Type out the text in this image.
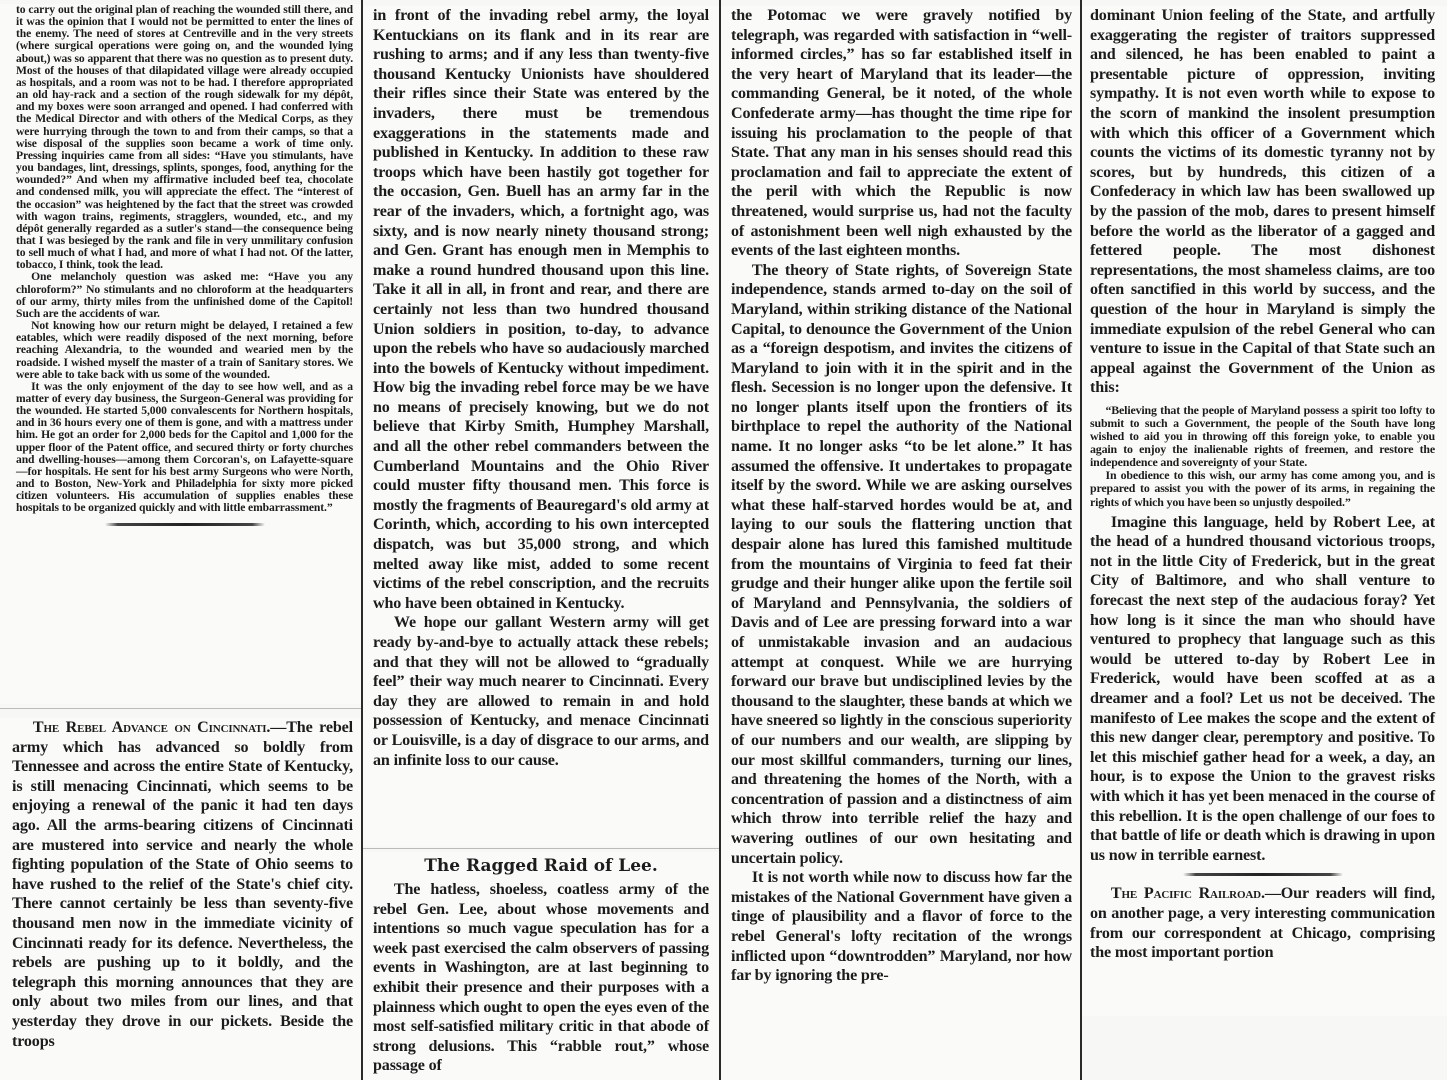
to carry out the original plan of reaching the wounded still there, and it was the opinion that I would not be permitted to enter the lines of the enemy. The need of stores at Centreville and in the very streets (where surgical operations were going on, and the wounded lying about,) was so apparent that there was no question as to present duty. Most of the houses of that dilapidated village were already occupied as hospitals, and a room was not to be had. I therefore appropriated an old hay-rack and a section of the rough sidewalk for my dépôt, and my boxes were soon arranged and opened. I had conferred with the Medical Director and with others of the Medical Corps, as they were hurrying through the town to and from their camps, so that a wise disposal of the supplies soon became a work of time only. Pressing inquiries came from all sides: “Have you stimulants, have you bandages, lint, dressings, splints, sponges, food, anything for the wounded?” And when my affirmative included beef tea, chocolate and condensed milk, you will appreciate the effect. The “interest of the occasion” was heightened by the fact that the street was crowded with wagon trains, regiments, stragglers, wounded, etc., and my dépôt generally regarded as a sutler's stand—the consequence being that I was besieged by the rank and file in very unmilitary confusion to sell much of what I had, and more of what I had not. Of the latter, tobacco, I think, took the lead.

One melancholy question was asked me: “Have you any chloroform?” No stimulants and no chloroform at the headquarters of our army, thirty miles from the unfinished dome of the Capitol! Such are the accidents of war.

Not knowing how our return might be delayed, I retained a few eatables, which were readily disposed of the next morning, before reaching Alexandria, to the wounded and wearied men by the roadside. I wished myself the master of a train of Sanitary stores. We were able to take back with us some of the wounded.

It was the only enjoyment of the day to see how well, and as a matter of every day business, the Surgeon-General was providing for the wounded. He started 5,000 convalescents for Northern hospitals, and in 36 hours every one of them is gone, and with a mattress under him. He got an order for 2,000 beds for the Capitol and 1,000 for the upper floor of the Patent office, and secured thirty or forty churches and dwelling-houses—among them Corcoran's, on Lafayette-square—for hospitals. He sent for his best army Surgeons who were North, and to Boston, New-York and Philadelphia for sixty more picked citizen volunteers. His accumulation of supplies enables these hospitals to be organized quickly and with little embarrassment.”

The Rebel Advance on Cincinnati.—The rebel army which has advanced so boldly from Tennessee and across the entire State of Kentucky, is still menacing Cincinnati, which seems to be enjoying a renewal of the panic it had ten days ago. All the arms-bearing citizens of Cincinnati are mustered into service and nearly the whole fighting population of the State of Ohio seems to have rushed to the relief of the State's chief city. There cannot certainly be less than seventy-five thousand men now in the immediate vicinity of Cincinnati ready for its defence. Nevertheless, the rebels are pushing up to it boldly, and the telegraph this morning announces that they are only about two miles from our lines, and that yesterday they drove in our pickets. Beside the troops

in front of the invading rebel army, the loyal Kentuckians on its flank and in its rear are rushing to arms; and if any less than twenty-five thousand Kentucky Unionists have shouldered their rifles since their State was entered by the invaders, there must be tremendous exaggerations in the statements made and published in Kentucky. In addition to these raw troops which have been hastily got together for the occasion, Gen. Buell has an army far in the rear of the invaders, which, a fortnight ago, was sixty, and is now nearly ninety thousand strong; and Gen. Grant has enough men in Memphis to make a round hundred thousand upon this line. Take it all in all, in front and rear, and there are certainly not less than two hundred thousand Union soldiers in position, to-day, to advance upon the rebels who have so audaciously marched into the bowels of Kentucky without impediment. How big the invading rebel force may be we have no means of precisely knowing, but we do not believe that Kirby Smith, Humphey Marshall, and all the other rebel commanders between the Cumberland Mountains and the Ohio River could muster fifty thousand men. This force is mostly the fragments of Beauregard's old army at Corinth, which, according to his own intercepted dispatch, was but 35,000 strong, and which melted away like mist, added to some recent victims of the rebel conscription, and the recruits who have been obtained in Kentucky.

We hope our gallant Western army will get ready by-and-bye to actually attack these rebels; and that they will not be allowed to “gradually feel” their way much nearer to Cincinnati. Every day they are allowed to remain in and hold possession of Kentucky, and menace Cincinnati or Louisville, is a day of disgrace to our arms, and an infinite loss to our cause.

The Ragged Raid of Lee.

The hatless, shoeless, coatless army of the rebel Gen. Lee, about whose movements and intentions so much vague speculation has for a week past exercised the calm observers of passing events in Washington, are at last beginning to exhibit their presence and their purposes with a plainness which ought to open the eyes even of the most self-satisfied military critic in that abode of strong delusions. This “rabble rout,” whose passage of

the Potomac we were gravely notified by telegraph, was regarded with satisfaction in “well-informed circles,” has so far established itself in the very heart of Maryland that its leader—the commanding General, be it noted, of the whole Confederate army—has thought the time ripe for issuing his proclamation to the people of that State. That any man in his senses should read this proclamation and fail to appreciate the extent of the peril with which the Republic is now threatened, would surprise us, had not the faculty of astonishment been well nigh exhausted by the events of the last eighteen months.

The theory of State rights, of Sovereign State independence, stands armed to-day on the soil of Maryland, within striking distance of the National Capital, to denounce the Government of the Union as a “foreign despotism, and invites the citizens of Maryland to join with it in the spirit and in the flesh. Secession is no longer upon the defensive. It no longer plants itself upon the frontiers of its birthplace to repel the authority of the National name. It no longer asks “to be let alone.” It has assumed the offensive. It undertakes to propagate itself by the sword. While we are asking ourselves what these half-starved hordes would be at, and laying to our souls the flattering unction that despair alone has lured this famished multitude from the mountains of Virginia to feed fat their grudge and their hunger alike upon the fertile soil of Maryland and Pennsylvania, the soldiers of Davis and of Lee are pressing forward into a war of unmistakable invasion and an audacious attempt at conquest. While we are hurrying forward our brave but undisciplined levies by the thousand to the slaughter, these bands at which we have sneered so lightly in the conscious superiority of our numbers and our wealth, are slipping by our most skillful commanders, turning our lines, and threatening the homes of the North, with a concentration of passion and a distinctness of aim which throw into terrible relief the hazy and wavering outlines of our own hesitating and uncertain policy.

It is not worth while now to discuss how far the mistakes of the National Government have given a tinge of plausibility and a flavor of force to the rebel General's lofty recitation of the wrongs inflicted upon “downtrodden” Maryland, nor how far by ignoring the pre-

dominant Union feeling of the State, and artfully exaggerating the register of traitors suppressed and silenced, he has been enabled to paint a presentable picture of oppression, inviting sympathy. It is not even worth while to expose to the scorn of mankind the insolent presumption with which this officer of a Government which counts the victims of its domestic tyranny not by scores, but by hundreds, this citizen of a Confederacy in which law has been swallowed up by the passion of the mob, dares to present himself before the world as the liberator of a gagged and fettered people. The most dishonest representations, the most shameless claims, are too often sanctified in this world by success, and the question of the hour in Maryland is simply the immediate expulsion of the rebel General who can venture to issue in the Capital of that State such an appeal against the Government of the Union as this:

“Believing that the people of Maryland possess a spirit too lofty to submit to such a Government, the people of the South have long wished to aid you in throwing off this foreign yoke, to enable you again to enjoy the inalienable rights of freemen, and restore the independence and sovereignty of your State.

In obedience to this wish, our army has come among you, and is prepared to assist you with the power of its arms, in regaining the rights of which you have been so unjustly despoiled.”

Imagine this language, held by Robert Lee, at the head of a hundred thousand victorious troops, not in the little City of Frederick, but in the great City of Baltimore, and who shall venture to forecast the next step of the audacious foray? Yet how long is it since the man who should have ventured to prophecy that language such as this would be uttered to-day by Robert Lee in Frederick, would have been scoffed at as a dreamer and a fool? Let us not be deceived. The manifesto of Lee makes the scope and the extent of this new danger clear, peremptory and positive. To let this mischief gather head for a week, a day, an hour, is to expose the Union to the gravest risks with which it has yet been menaced in the course of this rebellion. It is the open challenge of our foes to that battle of life or death which is drawing in upon us now in terrible earnest.

The Pacific Railroad.—Our readers will find, on another page, a very interesting communication from our correspondent at Chicago, comprising the most important portion
